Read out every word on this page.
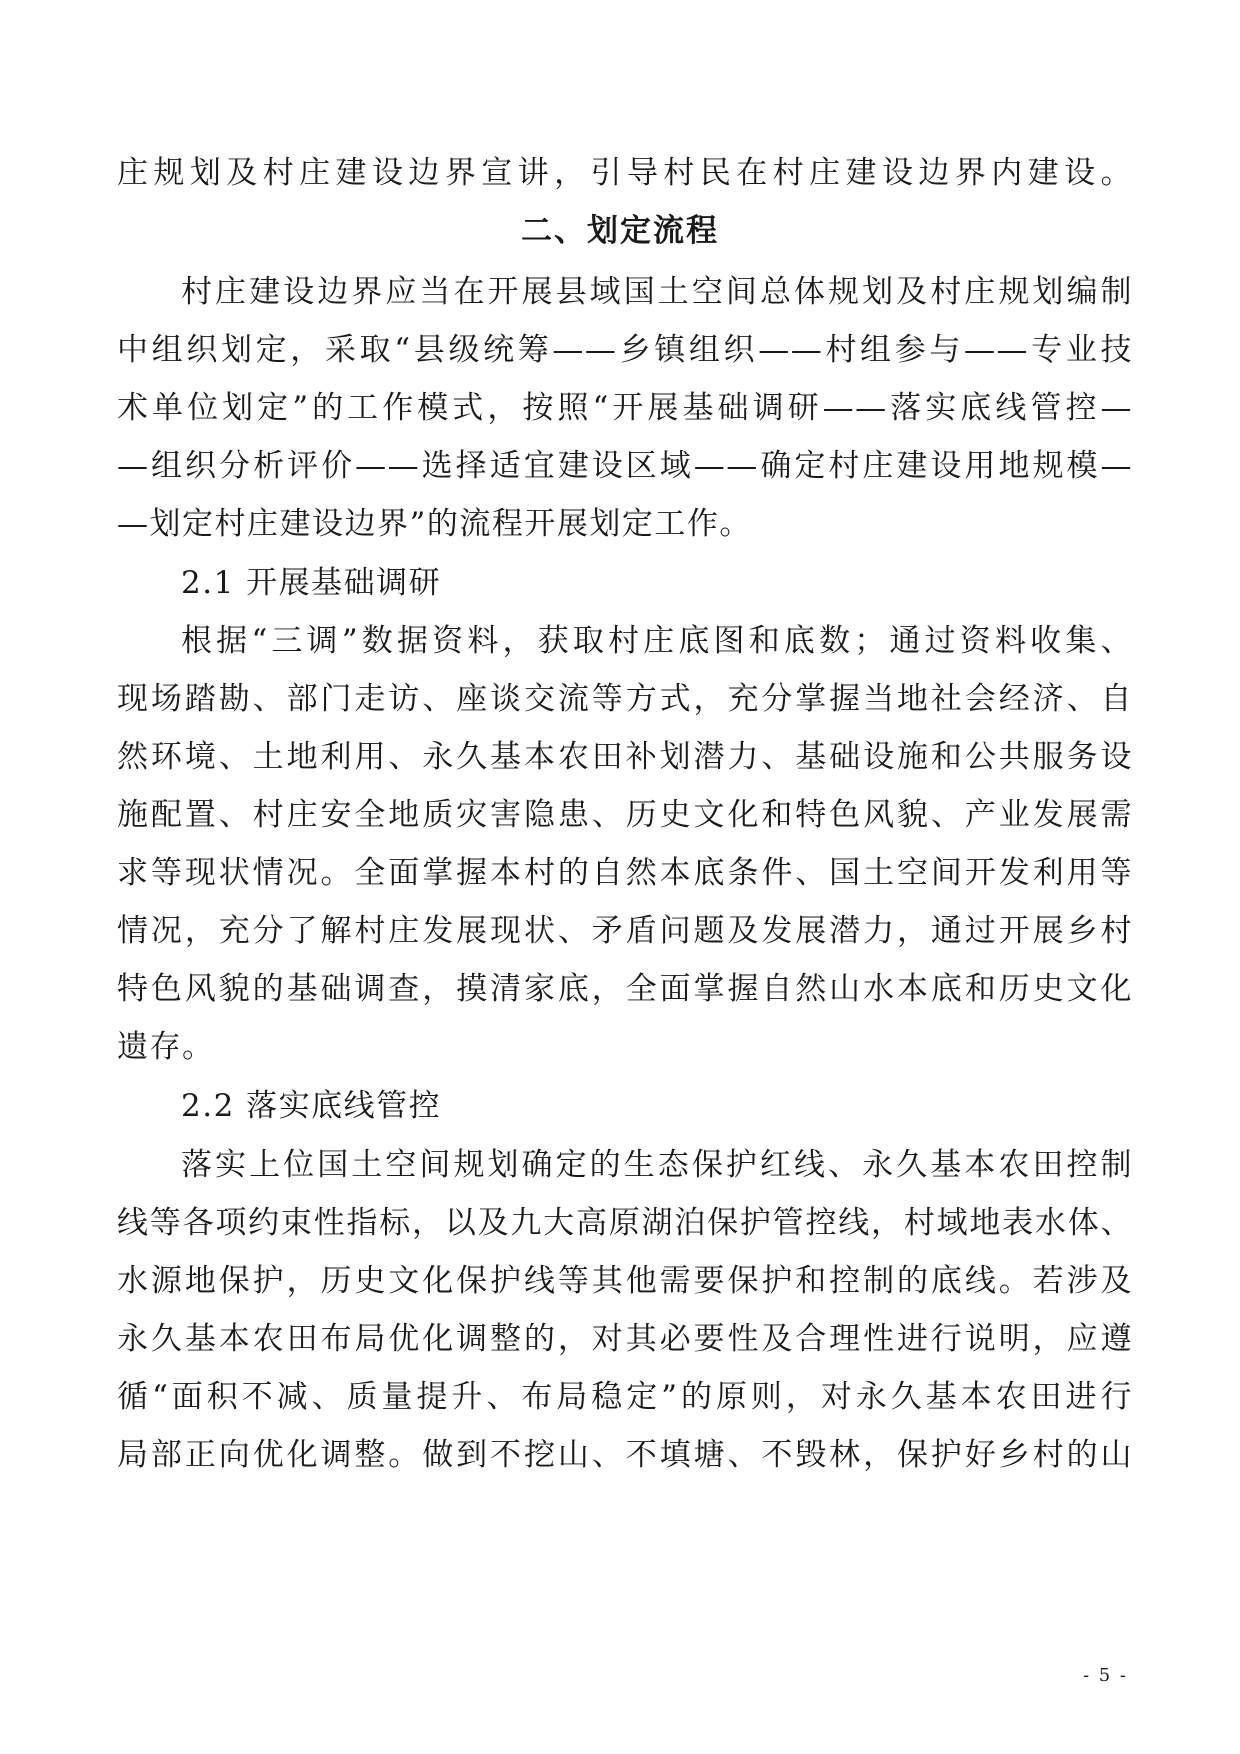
庄规划及村庄建设边界宣讲，引导村民在村庄建设边界内建设。
二、划定流程
村庄建设边界应当在开展县域国土空间总体规划及村庄规划编制
中组织划定，采取“县级统筹——乡镇组织——村组参与——专业技
术单位划定”的工作模式，按照“开展基础调研——落实底线管控—
—组织分析评价——选择适宜建设区域——确定村庄建设用地规模—
—划定村庄建设边界”的流程开展划定工作。
2.1 开展基础调研
根据“三调”数据资料，获取村庄底图和底数；通过资料收集、
现场踏勘、部门走访、座谈交流等方式，充分掌握当地社会经济、自
然环境、土地利用、永久基本农田补划潜力、基础设施和公共服务设
施配置、村庄安全地质灾害隐患、历史文化和特色风貌、产业发展需
求等现状情况。全面掌握本村的自然本底条件、国土空间开发利用等
情况，充分了解村庄发展现状、矛盾问题及发展潜力，通过开展乡村
特色风貌的基础调查，摸清家底，全面掌握自然山水本底和历史文化
遗存。
2.2 落实底线管控
落实上位国土空间规划确定的生态保护红线、永久基本农田控制
线等各项约束性指标，以及九大高原湖泊保护管控线，村域地表水体、
水源地保护，历史文化保护线等其他需要保护和控制的底线。若涉及
永久基本农田布局优化调整的，对其必要性及合理性进行说明，应遵
循“面积不减、质量提升、布局稳定”的原则，对永久基本农田进行
局部正向优化调整。做到不挖山、不填塘、不毁林，保护好乡村的山
- 5 -
